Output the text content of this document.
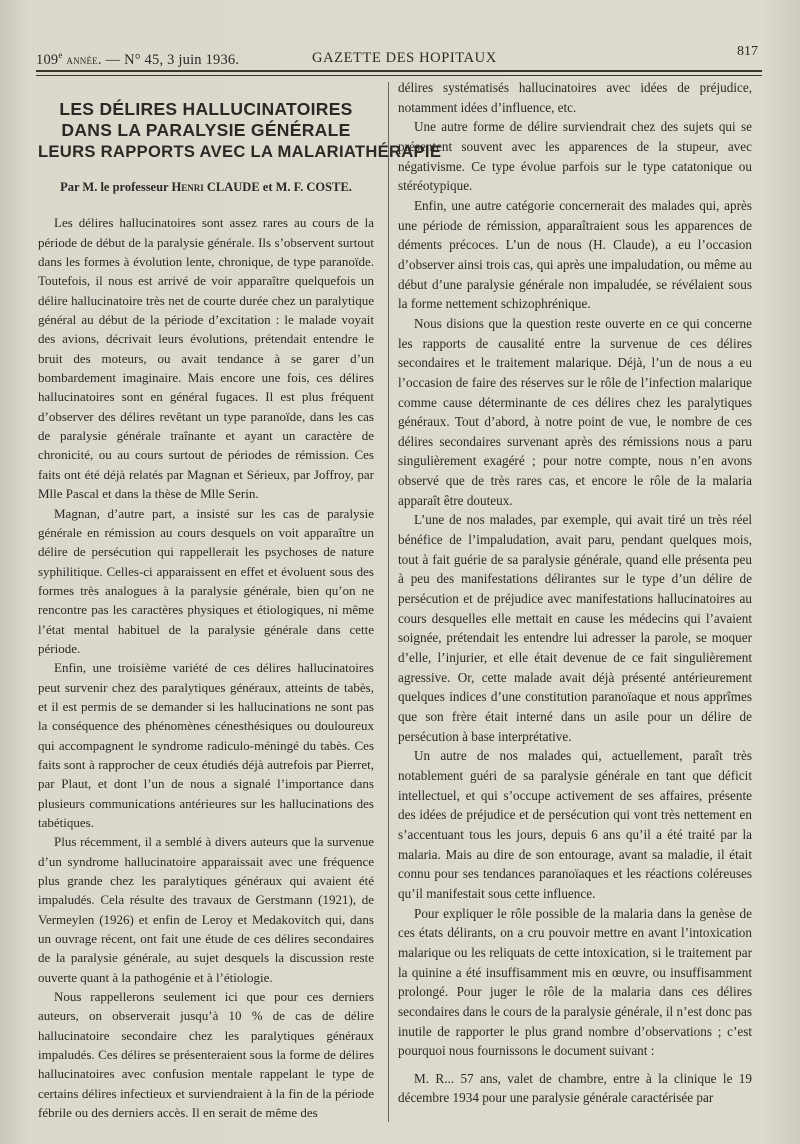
109e année. — N° 45, 3 juin 1936.	GAZETTE DES HOPITAUX	817
LES DÉLIRES HALLUCINATOIRES
DANS LA PARALYSIE GÉNÉRALE
LEURS RAPPORTS AVEC LA MALARIATHÉRAPIE
Par M. le professeur Henri CLAUDE et M. F. COSTE.

Les délires hallucinatoires sont assez rares au cours de la période de début de la paralysie générale. Ils s’observent surtout dans les formes à évolution lente, chronique, de type paranoïde. Toutefois, il nous est arrivé de voir apparaître quelquefois un délire hallucinatoire très net de courte durée chez un paralytique général au début de la période d’excitation : le malade voyait des avions, décrivait leurs évolutions, prétendait entendre le bruit des moteurs, ou avait tendance à se garer d’un bombardement imaginaire. Mais encore une fois, ces délires hallucinatoires sont en général fugaces. Il est plus fréquent d’observer des délires revêtant un type paranoïde, dans les cas de paralysie générale traînante et ayant un caractère de chronicité, ou au cours surtout de périodes de rémission. Ces faits ont été déjà relatés par Magnan et Sérieux, par Joffroy, par Mlle Pascal et dans la thèse de Mlle Serin.

Magnan, d’autre part, a insisté sur les cas de paralysie générale en rémission au cours desquels on voit apparaître un délire de persécution qui rappellerait les psychoses de nature syphilitique. Celles-ci apparaissent en effet et évoluent sous des formes très analogues à la paralysie générale, bien qu’on ne rencontre pas les caractères physiques et étiologiques, ni même l’état mental habituel de la paralysie générale dans cette période.

Enfin, une troisième variété de ces délires hallucinatoires peut survenir chez des paralytiques généraux, atteints de tabès, et il est permis de se demander si les hallucinations ne sont pas la conséquence des phénomènes cénesthésiques ou douloureux qui accompagnent le syndrome radiculo-méningé du tabès. Ces faits sont à rapprocher de ceux étudiés déjà autrefois par Pierret, par Plaut, et dont l’un de nous a signalé l’importance dans plusieurs communications antérieures sur les hallucinations des tabétiques.

Plus récemment, il a semblé à divers auteurs que la survenue d’un syndrome hallucinatoire apparaissait avec une fréquence plus grande chez les paralytiques généraux qui avaient été impaludés. Cela résulte des travaux de Gerstmann (1921), de Vermeylen (1926) et enfin de Leroy et Medakovitch qui, dans un ouvrage récent, ont fait une étude de ces délires secondaires de la paralysie générale, au sujet desquels la discussion reste ouverte quant à la pathogénie et à l’étiologie.

Nous rappellerons seulement ici que pour ces derniers auteurs, on observerait jusqu’à 10 % de cas de délire hallucinatoire secondaire chez les paralytiques généraux impaludés. Ces délires se présenteraient sous la forme de délires hallucinatoires avec confusion mentale rappelant le type de certains délires infectieux et surviendraient à la fin de la période fébrile ou des derniers accès. Il en serait de même des

délires systématisés hallucinatoires avec idées de préjudice, notamment idées d’influence, etc.

Une autre forme de délire surviendrait chez des sujets qui se présentent souvent avec les apparences de la stupeur, avec négativisme. Ce type évolue parfois sur le type catatonique ou stéréotypique.

Enfin, une autre catégorie concernerait des malades qui, après une période de rémission, apparaîtraient sous les apparences de déments précoces. L’un de nous (H. Claude), a eu l’occasion d’observer ainsi trois cas, qui après une impaludation, ou même au début d’une paralysie générale non impaludée, se révélaient sous la forme nettement schizophrénique.

Nous disions que la question reste ouverte en ce qui concerne les rapports de causalité entre la survenue de ces délires secondaires et le traitement malarique. Déjà, l’un de nous a eu l’occasion de faire des réserves sur le rôle de l’infection malarique comme cause déterminante de ces délires chez les paralytiques généraux. Tout d’abord, à notre point de vue, le nombre de ces délires secondaires survenant après des rémissions nous a paru singulièrement exagéré ; pour notre compte, nous n’en avons observé que de très rares cas, et encore le rôle de la malaria apparaît être douteux.

L’une de nos malades, par exemple, qui avait tiré un très réel bénéfice de l’impaludation, avait paru, pendant quelques mois, tout à fait guérie de sa paralysie générale, quand elle présenta peu à peu des manifestations délirantes sur le type d’un délire de persécution et de préjudice avec manifestations hallucinatoires au cours desquelles elle mettait en cause les médecins qui l’avaient soignée, prétendait les entendre lui adresser la parole, se moquer d’elle, l’injurier, et elle était devenue de ce fait singulièrement agressive. Or, cette malade avait déjà présenté antérieurement quelques indices d’une constitution paranoïaque et nous apprîmes que son frère était interné dans un asile pour un délire de persécution à base interprétative.

Un autre de nos malades qui, actuellement, paraît très notablement guéri de sa paralysie générale en tant que déficit intellectuel, et qui s’occupe activement de ses affaires, présente des idées de préjudice et de persécution qui vont très nettement en s’accentuant tous les jours, depuis 6 ans qu’il a été traité par la malaria. Mais au dire de son entourage, avant sa maladie, il était connu pour ses tendances paranoïaques et les réactions coléreuses qu’il manifestait sous cette influence.

Pour expliquer le rôle possible de la malaria dans la genèse de ces états délirants, on a cru pouvoir mettre en avant l’intoxication malarique ou les reliquats de cette intoxication, si le traitement par la quinine a été insuffisamment mis en œuvre, ou insuffisamment prolongé. Pour juger le rôle de la malaria dans ces délires secondaires dans le cours de la paralysie générale, il n’est donc pas inutile de rapporter le plus grand nombre d’observations ; c’est pourquoi nous fournissons le document suivant :

M. R... 57 ans, valet de chambre, entre à la clinique le 19 décembre 1934 pour une paralysie générale caractérisée par
